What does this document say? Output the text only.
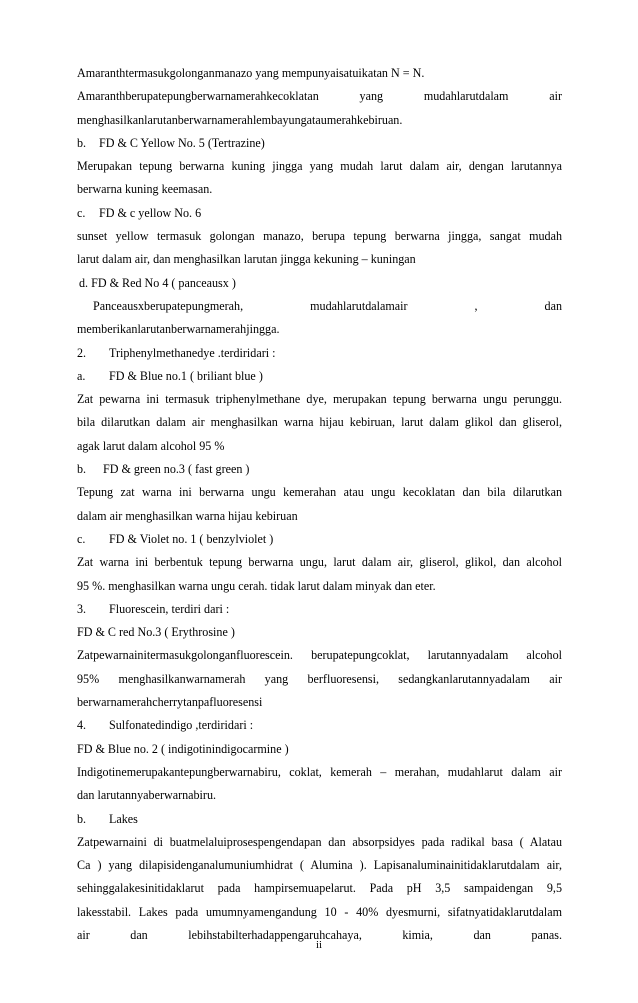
Amaranthtermasukgolonganmanazo yang mempunyaisatuikatan N = N.
Amaranthberupatepungberwarnamerahkecoklatan yang mudahlarutdalam air
menghasilkanlarutanberwarnamerahlembayungataumerahkebiruan.
b. FD & C Yellow No. 5 (Tertrazine)
Merupakan tepung berwarna kuning jingga yang mudah larut dalam air, dengan larutannya
berwarna kuning keemasan.
c. FD & c yellow No. 6
sunset yellow termasuk golongan manazo, berupa tepung berwarna jingga, sangat mudah
larut dalam air, dan menghasilkan larutan jingga kekuning – kuningan
d. FD & Red No 4 ( panceausx )
Panceausxberupatepungmerah, mudahlarutdalamair , dan
memberikanlarutanberwarnamerahjingga.
2. Triphenylmethanedye .terdiridari :
a. FD & Blue no.1 ( briliant blue )
Zat pewarna ini termasuk triphenylmethane dye, merupakan tepung berwarna ungu perunggu.
bila dilarutkan dalam air menghasilkan warna hijau kebiruan, larut dalam glikol dan gliserol,
agak larut dalam alcohol 95 %
b. FD & green no.3 ( fast green )
Tepung zat warna ini berwarna ungu kemerahan atau ungu kecoklatan dan bila dilarutkan
dalam air menghasilkan warna hijau kebiruan
c. FD & Violet no. 1 ( benzylviolet )
Zat warna ini berbentuk tepung berwarna ungu, larut dalam air, gliserol, glikol, dan alcohol
95 %. menghasilkan warna ungu cerah. tidak larut dalam minyak dan eter.
3. Fluorescein, terdiri dari :
FD & C red No.3 ( Erythrosine )
Zatpewarnainitermasukgolonganfluorescein. berupatepungcoklat, larutannyadalam alcohol
95% menghasilkanwarnamerah yang berfluoresensi, sedangkanlarutannyadalam air
berwarnamerahcherrytanpafluoresensi
4. Sulfonatedindigo ,terdiridari :
FD & Blue no. 2 ( indigotinindigocarmine )
Indigotinemerupakantepungberwarnabiru, coklat, kemerah – merahan, mudahlarut dalam air
dan larutannyaberwarnabiru.
b. Lakes
Zatpewarnaini di buatmelaluiprosespengendapan dan absorpsidyes pada radikal basa ( Alatau
Ca ) yang dilapisidenganalumuniumhidrat ( Alumina ). Lapisanaluminainitidaklarutdalam air,
sehinggalakesinitidaklarut pada hampirsemuapelarut. Pada pH 3,5 sampaidengan 9,5
lakesstabil. Lakes pada umumnyamengandung 10 - 40% dyesmurni, sifatnyatidaklarutdalam
air dan lebihstabilterhadappengaruhcahaya, kimia, dan panas.
ii
